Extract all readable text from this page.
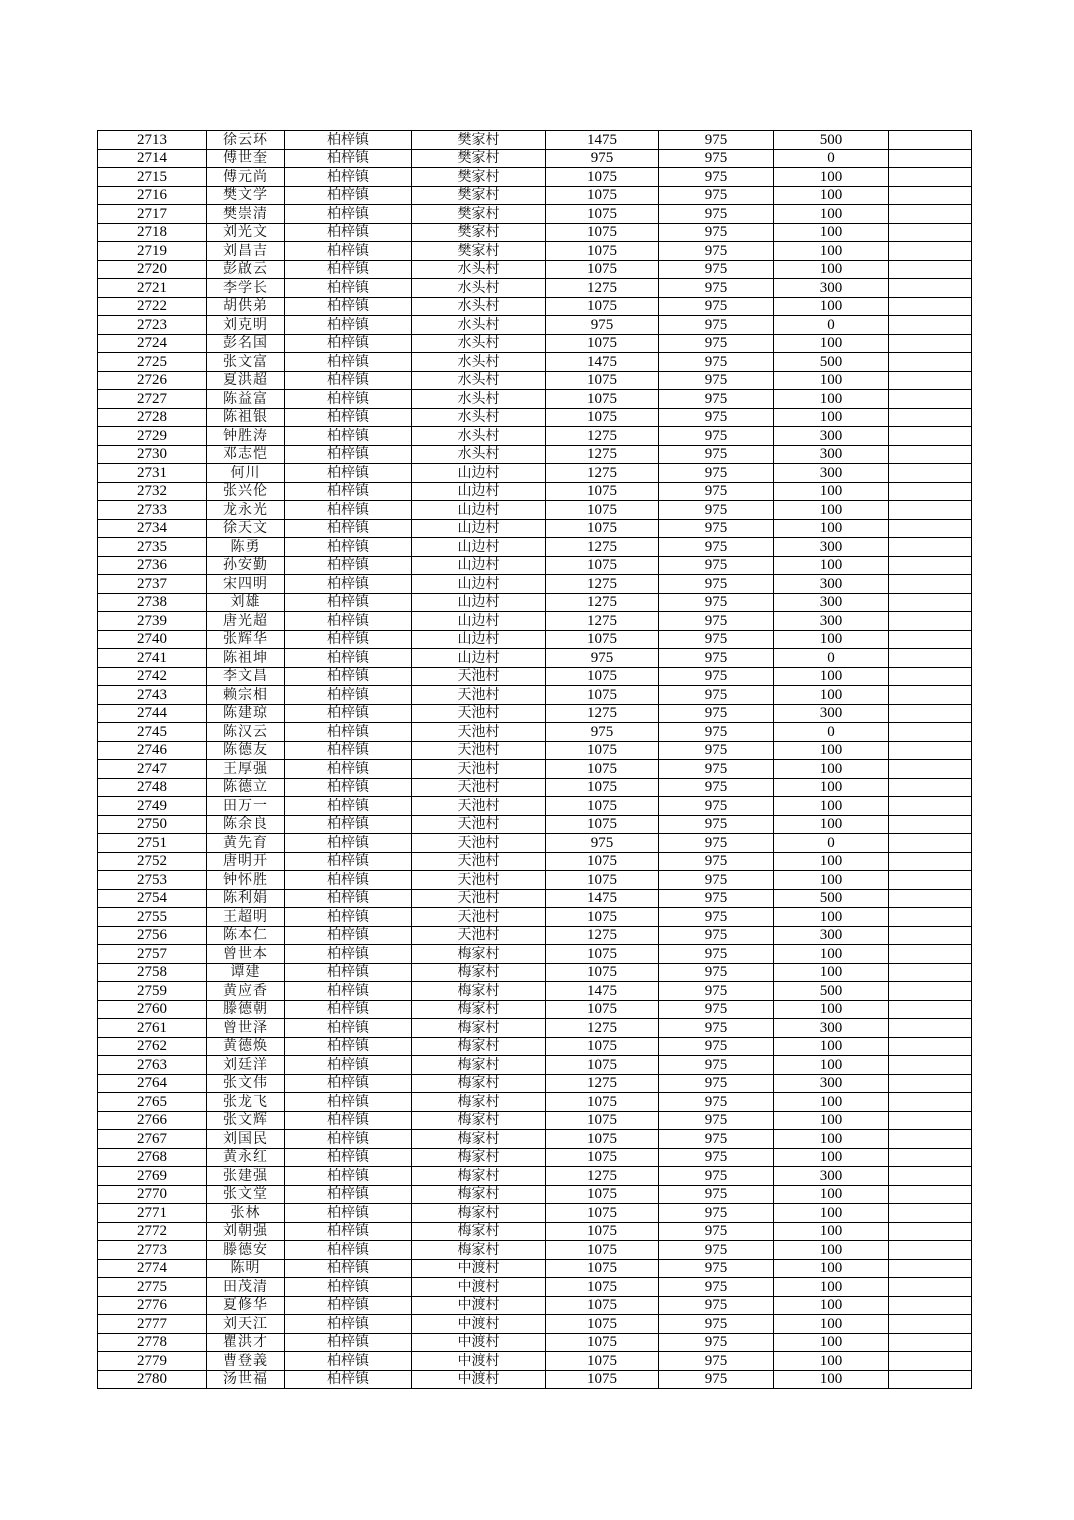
2713	徐云环	柏梓镇	樊家村	1475	975	500	
2714	傅世奎	柏梓镇	樊家村	975	975	0	
2715	傅元尚	柏梓镇	樊家村	1075	975	100	
2716	樊文学	柏梓镇	樊家村	1075	975	100	
2717	樊崇清	柏梓镇	樊家村	1075	975	100	
2718	刘光文	柏梓镇	樊家村	1075	975	100	
2719	刘昌吉	柏梓镇	樊家村	1075	975	100	
2720	彭啟云	柏梓镇	水头村	1075	975	100	
2721	李学长	柏梓镇	水头村	1275	975	300	
2722	胡供弟	柏梓镇	水头村	1075	975	100	
2723	刘克明	柏梓镇	水头村	975	975	0	
2724	彭名国	柏梓镇	水头村	1075	975	100	
2725	张文富	柏梓镇	水头村	1475	975	500	
2726	夏洪超	柏梓镇	水头村	1075	975	100	
2727	陈益富	柏梓镇	水头村	1075	975	100	
2728	陈祖银	柏梓镇	水头村	1075	975	100	
2729	钟胜涛	柏梓镇	水头村	1275	975	300	
2730	邓志恺	柏梓镇	水头村	1275	975	300	
2731	何川	柏梓镇	山边村	1275	975	300	
2732	张兴伦	柏梓镇	山边村	1075	975	100	
2733	龙永光	柏梓镇	山边村	1075	975	100	
2734	徐天文	柏梓镇	山边村	1075	975	100	
2735	陈勇	柏梓镇	山边村	1275	975	300	
2736	孙安勤	柏梓镇	山边村	1075	975	100	
2737	宋四明	柏梓镇	山边村	1275	975	300	
2738	刘雄	柏梓镇	山边村	1275	975	300	
2739	唐光超	柏梓镇	山边村	1275	975	300	
2740	张辉华	柏梓镇	山边村	1075	975	100	
2741	陈祖坤	柏梓镇	山边村	975	975	0	
2742	李文昌	柏梓镇	天池村	1075	975	100	
2743	赖宗相	柏梓镇	天池村	1075	975	100	
2744	陈建琼	柏梓镇	天池村	1275	975	300	
2745	陈汉云	柏梓镇	天池村	975	975	0	
2746	陈德友	柏梓镇	天池村	1075	975	100	
2747	王厚强	柏梓镇	天池村	1075	975	100	
2748	陈德立	柏梓镇	天池村	1075	975	100	
2749	田万一	柏梓镇	天池村	1075	975	100	
2750	陈余良	柏梓镇	天池村	1075	975	100	
2751	黄先育	柏梓镇	天池村	975	975	0	
2752	唐明开	柏梓镇	天池村	1075	975	100	
2753	钟怀胜	柏梓镇	天池村	1075	975	100	
2754	陈利娟	柏梓镇	天池村	1475	975	500	
2755	王超明	柏梓镇	天池村	1075	975	100	
2756	陈本仁	柏梓镇	天池村	1275	975	300	
2757	曾世本	柏梓镇	梅家村	1075	975	100	
2758	谭建	柏梓镇	梅家村	1075	975	100	
2759	黄应香	柏梓镇	梅家村	1475	975	500	
2760	滕德朝	柏梓镇	梅家村	1075	975	100	
2761	曾世泽	柏梓镇	梅家村	1275	975	300	
2762	黄德焕	柏梓镇	梅家村	1075	975	100	
2763	刘廷洋	柏梓镇	梅家村	1075	975	100	
2764	张文伟	柏梓镇	梅家村	1275	975	300	
2765	张龙飞	柏梓镇	梅家村	1075	975	100	
2766	张文辉	柏梓镇	梅家村	1075	975	100	
2767	刘国民	柏梓镇	梅家村	1075	975	100	
2768	黄永红	柏梓镇	梅家村	1075	975	100	
2769	张建强	柏梓镇	梅家村	1275	975	300	
2770	张文堂	柏梓镇	梅家村	1075	975	100	
2771	张林	柏梓镇	梅家村	1075	975	100	
2772	刘朝强	柏梓镇	梅家村	1075	975	100	
2773	滕德安	柏梓镇	梅家村	1075	975	100	
2774	陈明	柏梓镇	中渡村	1075	975	100	
2775	田茂清	柏梓镇	中渡村	1075	975	100	
2776	夏修华	柏梓镇	中渡村	1075	975	100	
2777	刘天江	柏梓镇	中渡村	1075	975	100	
2778	瞿洪才	柏梓镇	中渡村	1075	975	100	
2779	曹登義	柏梓镇	中渡村	1075	975	100	
2780	汤世福	柏梓镇	中渡村	1075	975	100	
